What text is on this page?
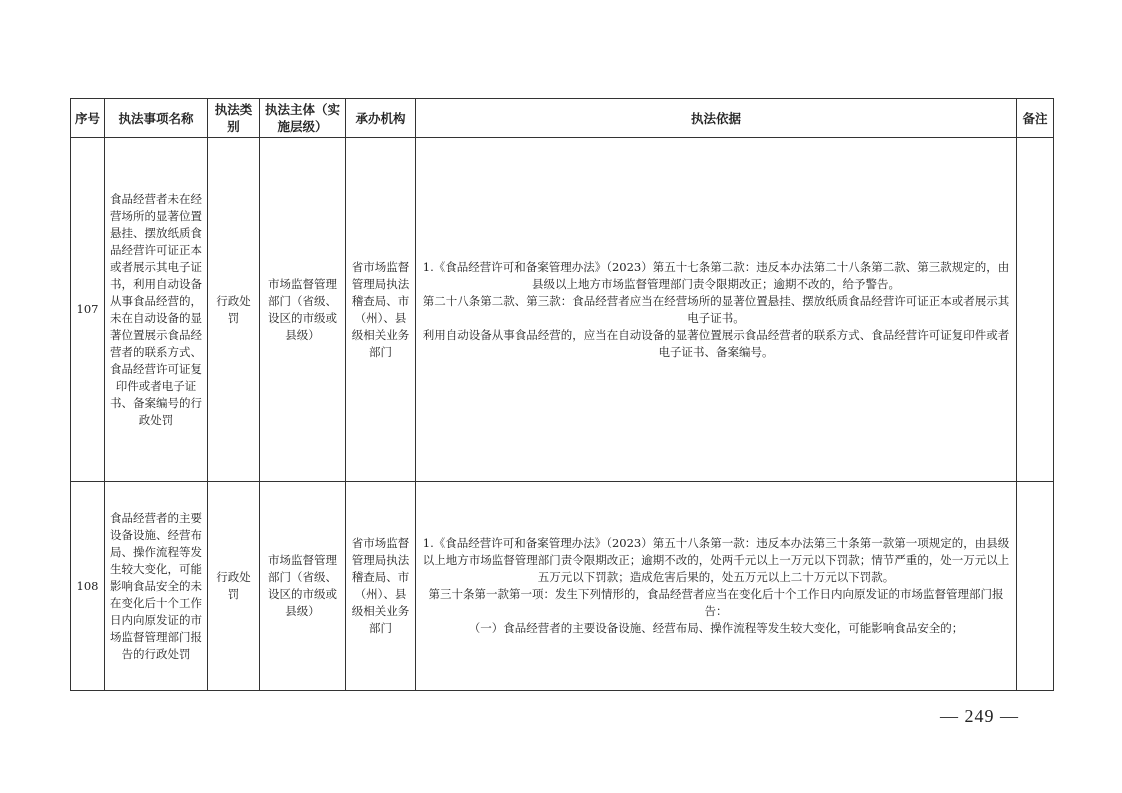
序号	执法事项名称	执法类别	执法主体（实施层级）	承办机构	执法依据	备注
107	食品经营者未在经营场所的显著位置悬挂、摆放纸质食品经营许可证正本或者展示其电子证书，利用自动设备从事食品经营的，未在自动设备的显著位置展示食品经营者的联系方式、食品经营许可证复印件或者电子证书、备案编号的行政处罚	行政处罚	市场监督管理部门（省级、设区的市级或县级）	省市场监督管理局执法稽查局、市（州）、县级相关业务部门	1.《食品经营许可和备案管理办法》（2023）第五十七条第二款：违反本办法第二十八条第二款、第三款规定的，由县级以上地方市场监督管理部门责令限期改正；逾期不改的，给予警告。
第二十八条第二款、第三款：食品经营者应当在经营场所的显著位置悬挂、摆放纸质食品经营许可证正本或者展示其电子证书。
利用自动设备从事食品经营的，应当在自动设备的显著位置展示食品经营者的联系方式、食品经营许可证复印件或者电子证书、备案编号。	

108	食品经营者的主要设备设施、经营布局、操作流程等发生较大变化，可能影响食品安全的未在变化后十个工作日内向原发证的市场监督管理部门报告的行政处罚	行政处罚	市场监督管理部门（省级、设区的市级或县级）	省市场监督管理局执法稽查局、市（州）、县级相关业务部门	1.《食品经营许可和备案管理办法》（2023）第五十八条第一款：违反本办法第三十条第一款第一项规定的，由县级以上地方市场监督管理部门责令限期改正；逾期不改的，处两千元以上一万元以下罚款；情节严重的，处一万元以上五万元以下罚款；造成危害后果的，处五万元以上二十万元以下罚款。
第三十条第一款第一项：发生下列情形的，食品经营者应当在变化后十个工作日内向原发证的市场监督管理部门报告：
（一）食品经营者的主要设备设施、经营布局、操作流程等发生较大变化，可能影响食品安全的；	

— 249 —
